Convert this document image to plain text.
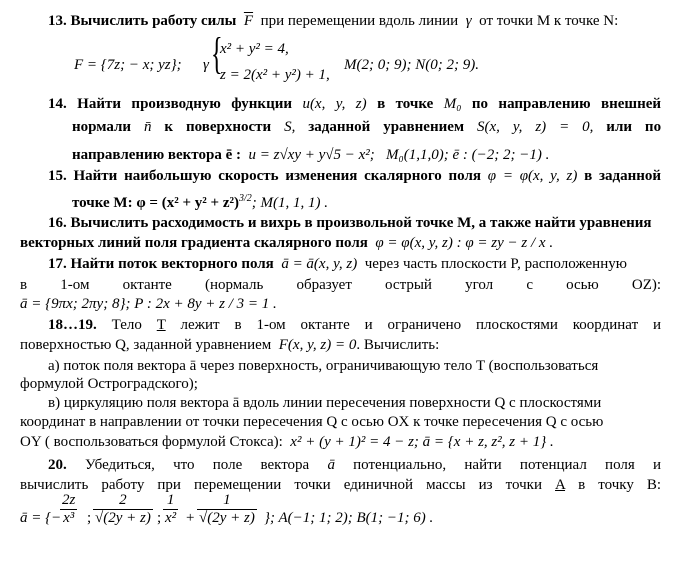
13. Вычислить работу силы $\overline{F}$ при перемещении вдоль линии γ от точки M к точке N:
F = {7z; − x; yz}; γ {
x² + y² = 4,
z = 2(x² + y²) + 1,
M(2; 0; 9); N(0; 2; 9).
14. Найти производную функции u(x, y, z) в точке M₀ по направлению внешней
нормали n̄ к поверхности S, заданной уравнением S(x, y, z) = 0, или по
направлению вектора ē : u = z√xy + y√5 − x²; M₀(1,1,0); ē : (−2; 2; −1) .
15. Найти наибольшую скорость изменения скалярного поля φ = φ(x, y, z) в заданной
точке M: $\varphi = (x^2 + y^2 + z^2)^{3/2}$; M(1, 1, 1) .
16. Вычислить расходимость и вихрь в произвольной точке M, а также найти уравнения
векторных линий поля градиента скалярного поля φ = φ(x, y, z) : φ = zy − z / x .
17. Найти поток векторного поля ā = ā(x, y, z) через часть плоскости P, расположенную
в 1-ом октанте (нормаль образует острый угол с осью OZ):
ā = {9πx; 2πy; 8}; P : 2x + 8y + z / 3 = 1 .
18…19. Тело T лежит в 1-ом октанте и ограничено плоскостями координат и
поверхностью Q, заданной уравнением F(x, y, z) = 0. Вычислить:
а) поток поля вектора ā через поверхность, ограничивающую тело T (воспользоваться
формулой Остроградского);
в) циркуляцию поля вектора ā вдоль линии пересечения поверхности Q с плоскостями
координат в направлении от точки пересечения Q с осью OX к точке пересечения Q с осью
OY ( воспользоваться формулой Стокса): x² + (y + 1)² = 4 − z; ā = {x + z, z², z + 1} .
20. Убедиться, что поле вектора ā потенциально, найти потенциал поля и
вычислить работу при перемещении точки единичной массы из точки A в точку B:
ā = {−
$\frac{2z}{\text{x³}}$ ; $\frac{2}{√(2y + z)}$ ; $\frac{1}{\text{x²}} + \frac{1}{√(2y + z)}$ }; A(−1; 1; 2); B(1; −1; 6) .
